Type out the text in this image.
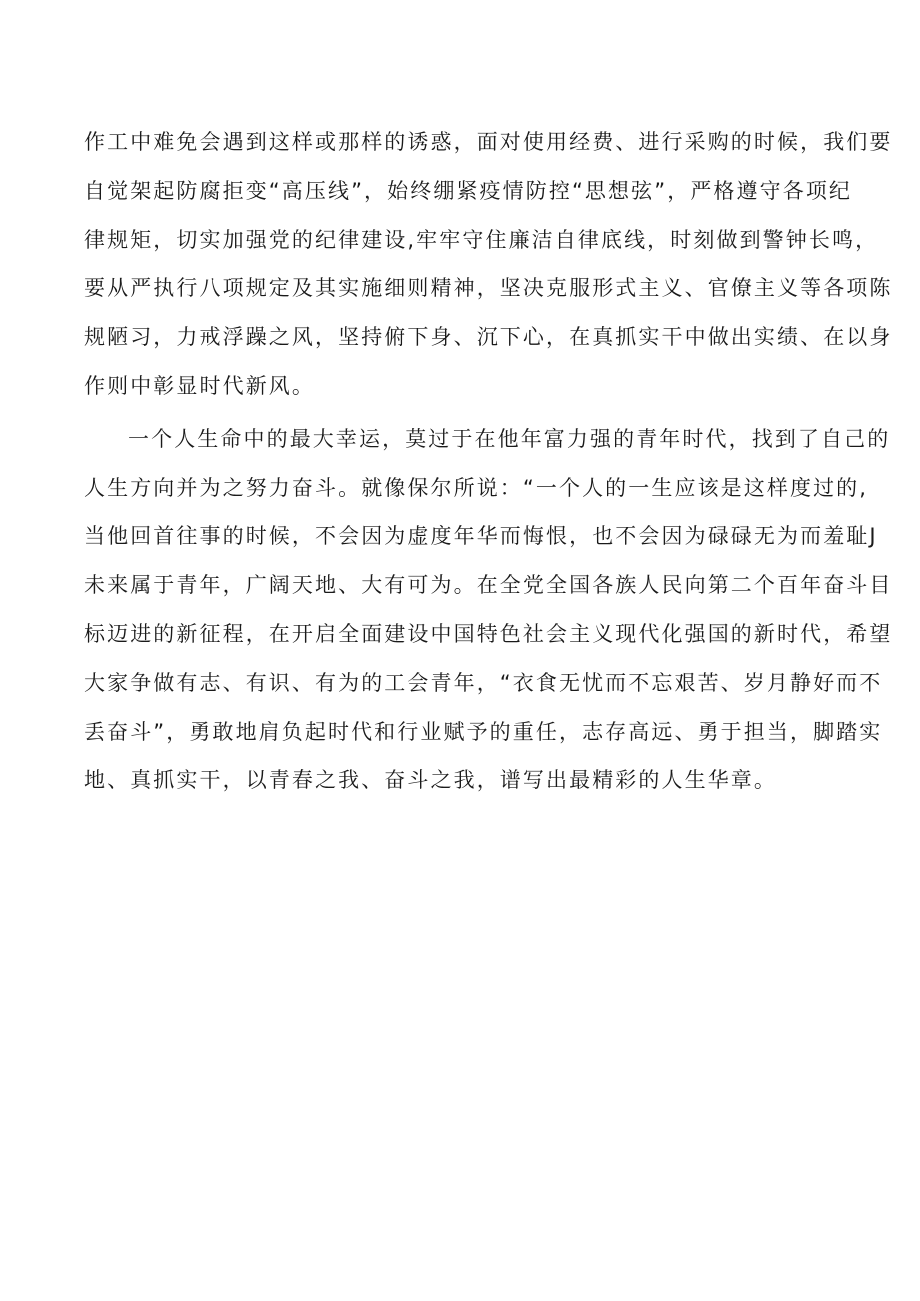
作工中难免会遇到这样或那样的诱惑，面对使用经费、进行采购的时候，我们要
自觉架起防腐拒变“高压线”，始终绷紧疫情防控“思想弦”，严格遵守各项纪
律规矩，切实加强党的纪律建设,牢牢守住廉洁自律底线，时刻做到警钟长鸣，
要从严执行八项规定及其实施细则精神，坚决克服形式主义、官僚主义等各项陈
规陋习，力戒浮躁之风，坚持俯下身、沉下心，在真抓实干中做出实绩、在以身
作则中彰显时代新风。
一个人生命中的最大幸运，莫过于在他年富力强的青年时代，找到了自己的
人生方向并为之努力奋斗。就像保尔所说：“一个人的一生应该是这样度过的,
当他回首往事的时候，不会因为虚度年华而悔恨，也不会因为碌碌无为而羞耻J
未来属于青年，广阔天地、大有可为。在全党全国各族人民向第二个百年奋斗目
标迈进的新征程，在开启全面建设中国特色社会主义现代化强国的新时代，希望
大家争做有志、有识、有为的工会青年，“衣食无忧而不忘艰苦、岁月静好而不
丢奋斗”，勇敢地肩负起时代和行业赋予的重任，志存高远、勇于担当，脚踏实
地、真抓实干，以青春之我、奋斗之我，谱写出最精彩的人生华章。
